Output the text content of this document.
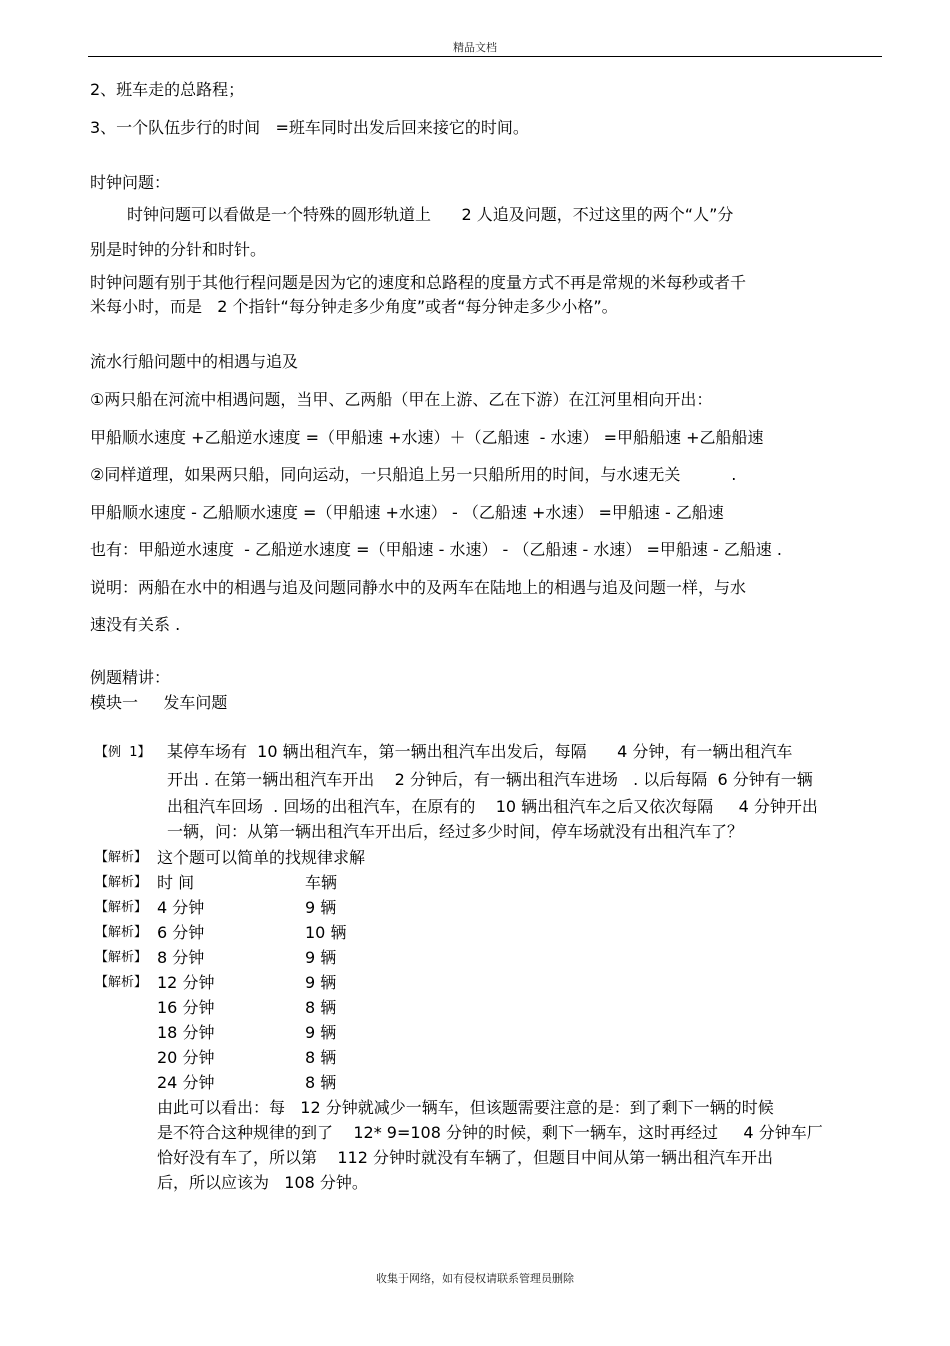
精品文档
2、班车走的总路程；
3、一个队伍步行的时间   =班车同时出发后回来接它的时间。
时钟问题：
时钟问题可以看做是一个特殊的圆形轨道上      2 人追及问题，不过这里的两个“人”分
别是时钟的分针和时针。
时钟问题有别于其他行程问题是因为它的速度和总路程的度量方式不再是常规的米每秒或者千
米每小时，而是   2 个指针“每分钟走多少角度”或者“每分钟走多少小格”。
流水行船问题中的相遇与追及
①两只船在河流中相遇问题，当甲、乙两船（甲在上游、乙在下游）在江河里相向开出：
甲船顺水速度 +乙船逆水速度 =（甲船速 +水速）＋（乙船速  - 水速） =甲船船速 +乙船船速
②同样道理，如果两只船，同向运动，一只船追上另一只船所用的时间，与水速无关          .
甲船顺水速度 - 乙船顺水速度 =（甲船速 +水速） - （乙船速 +水速） =甲船速 - 乙船速
也有：甲船逆水速度  - 乙船逆水速度 =（甲船速 - 水速） - （乙船速 - 水速） =甲船速 - 乙船速 .
说明：两船在水中的相遇与追及问题同静水中的及两车在陆地上的相遇与追及问题一样，与水
速没有关系 .
例题精讲：
模块一     发车问题
【例  1】 某停车场有  10 辆出租汽车，第一辆出租汽车出发后，每隔      4 分钟，有一辆出租汽车
开出 . 在第一辆出租汽车开出    2 分钟后，有一辆出租汽车进场   . 以后每隔  6 分钟有一辆
出租汽车回场  . 回场的出租汽车，在原有的    10 辆出租汽车之后又依次每隔     4 分钟开出
一辆，问：从第一辆出租汽车开出后，经过多少时间，停车场就没有出租汽车了？
【解析】 这个题可以简单的找规律求解
【解析】 时 间	车辆
【解析】 4 分钟	9 辆
【解析】 6 分钟	10 辆
【解析】 8 分钟	9 辆
【解析】 12 分钟	9 辆
16 分钟	8 辆
18 分钟	9 辆
20 分钟	8 辆
24 分钟	8 辆
由此可以看出：每   12 分钟就减少一辆车，但该题需要注意的是：到了剩下一辆的时候
是不符合这种规律的到了    12* 9=108 分钟的时候，剩下一辆车，这时再经过     4 分钟车厂
恰好没有车了，所以第    112 分钟时就没有车辆了，但题目中间从第一辆出租汽车开出
后，所以应该为   108 分钟。
收集于网络，如有侵权请联系管理员删除
